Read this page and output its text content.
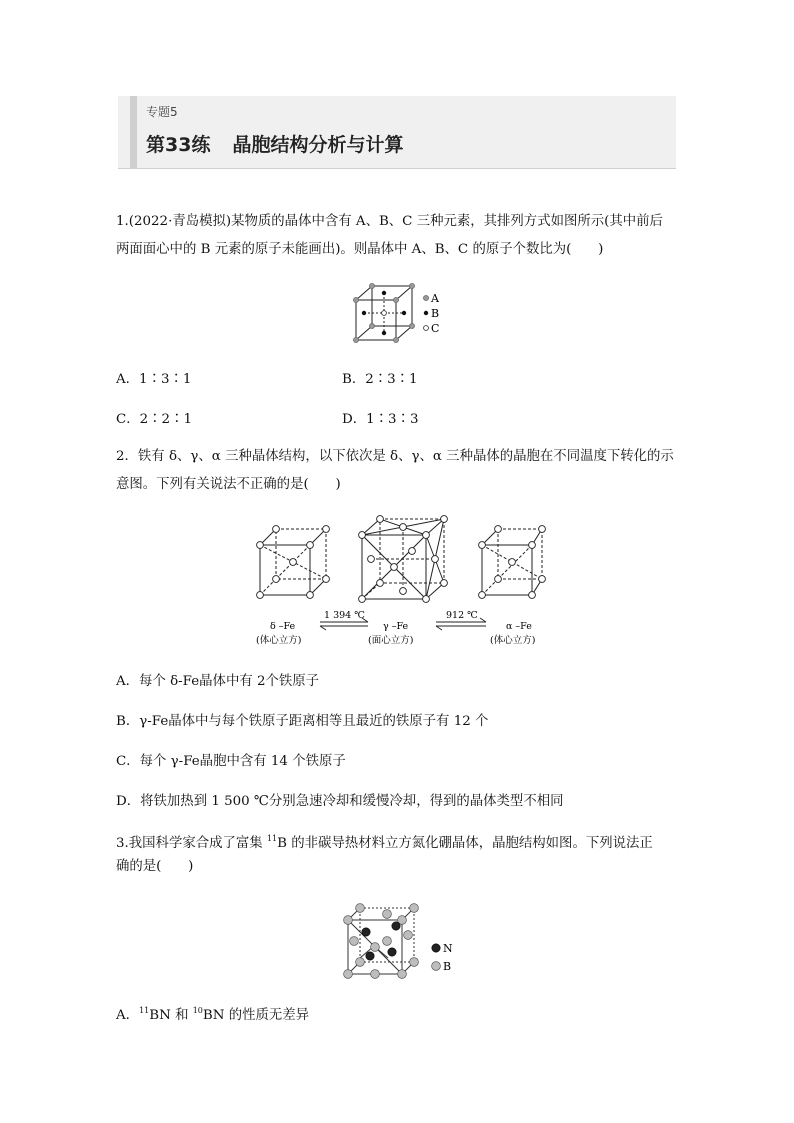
专题5
第33练 晶胞结构分析与计算
1.(2022·青岛模拟)某物质的晶体中含有 A、B、C 三种元素，其排列方式如图所示(其中前后
两面面心中的 B 元素的原子未能画出)。则晶体中 A、B、C 的原子个数比为(　　)
A
B
C
A．1∶3∶1	B．2∶3∶1
C．2∶2∶1	D．1∶3∶3
2．铁有 δ、γ、α 三种晶体结构，以下依次是 δ、γ、α 三种晶体的晶胞在不同温度下转化的示
意图。下列有关说法不正确的是(　　)
1 394 ℃	912 ℃
δ –Fe
(体心立方)
γ –Fe
(面心立方)
α –Fe
(体心立方)
A．每个 δ-Fe晶体中有 2个铁原子
B．γ-Fe晶体中与每个铁原子距离相等且最近的铁原子有 12 个
C．每个 γ-Fe晶胞中含有 14 个铁原子
D．将铁加热到 1 500 ℃分别急速冷却和缓慢冷却，得到的晶体类型不相同
3.我国科学家合成了富集 $^{11}$B 的非碳导热材料立方氮化硼晶体，晶胞结构如图。下列说法正
确的是(　　)
N
B
A．$^{11}$BN 和 $^{10}$BN 的性质无差异
